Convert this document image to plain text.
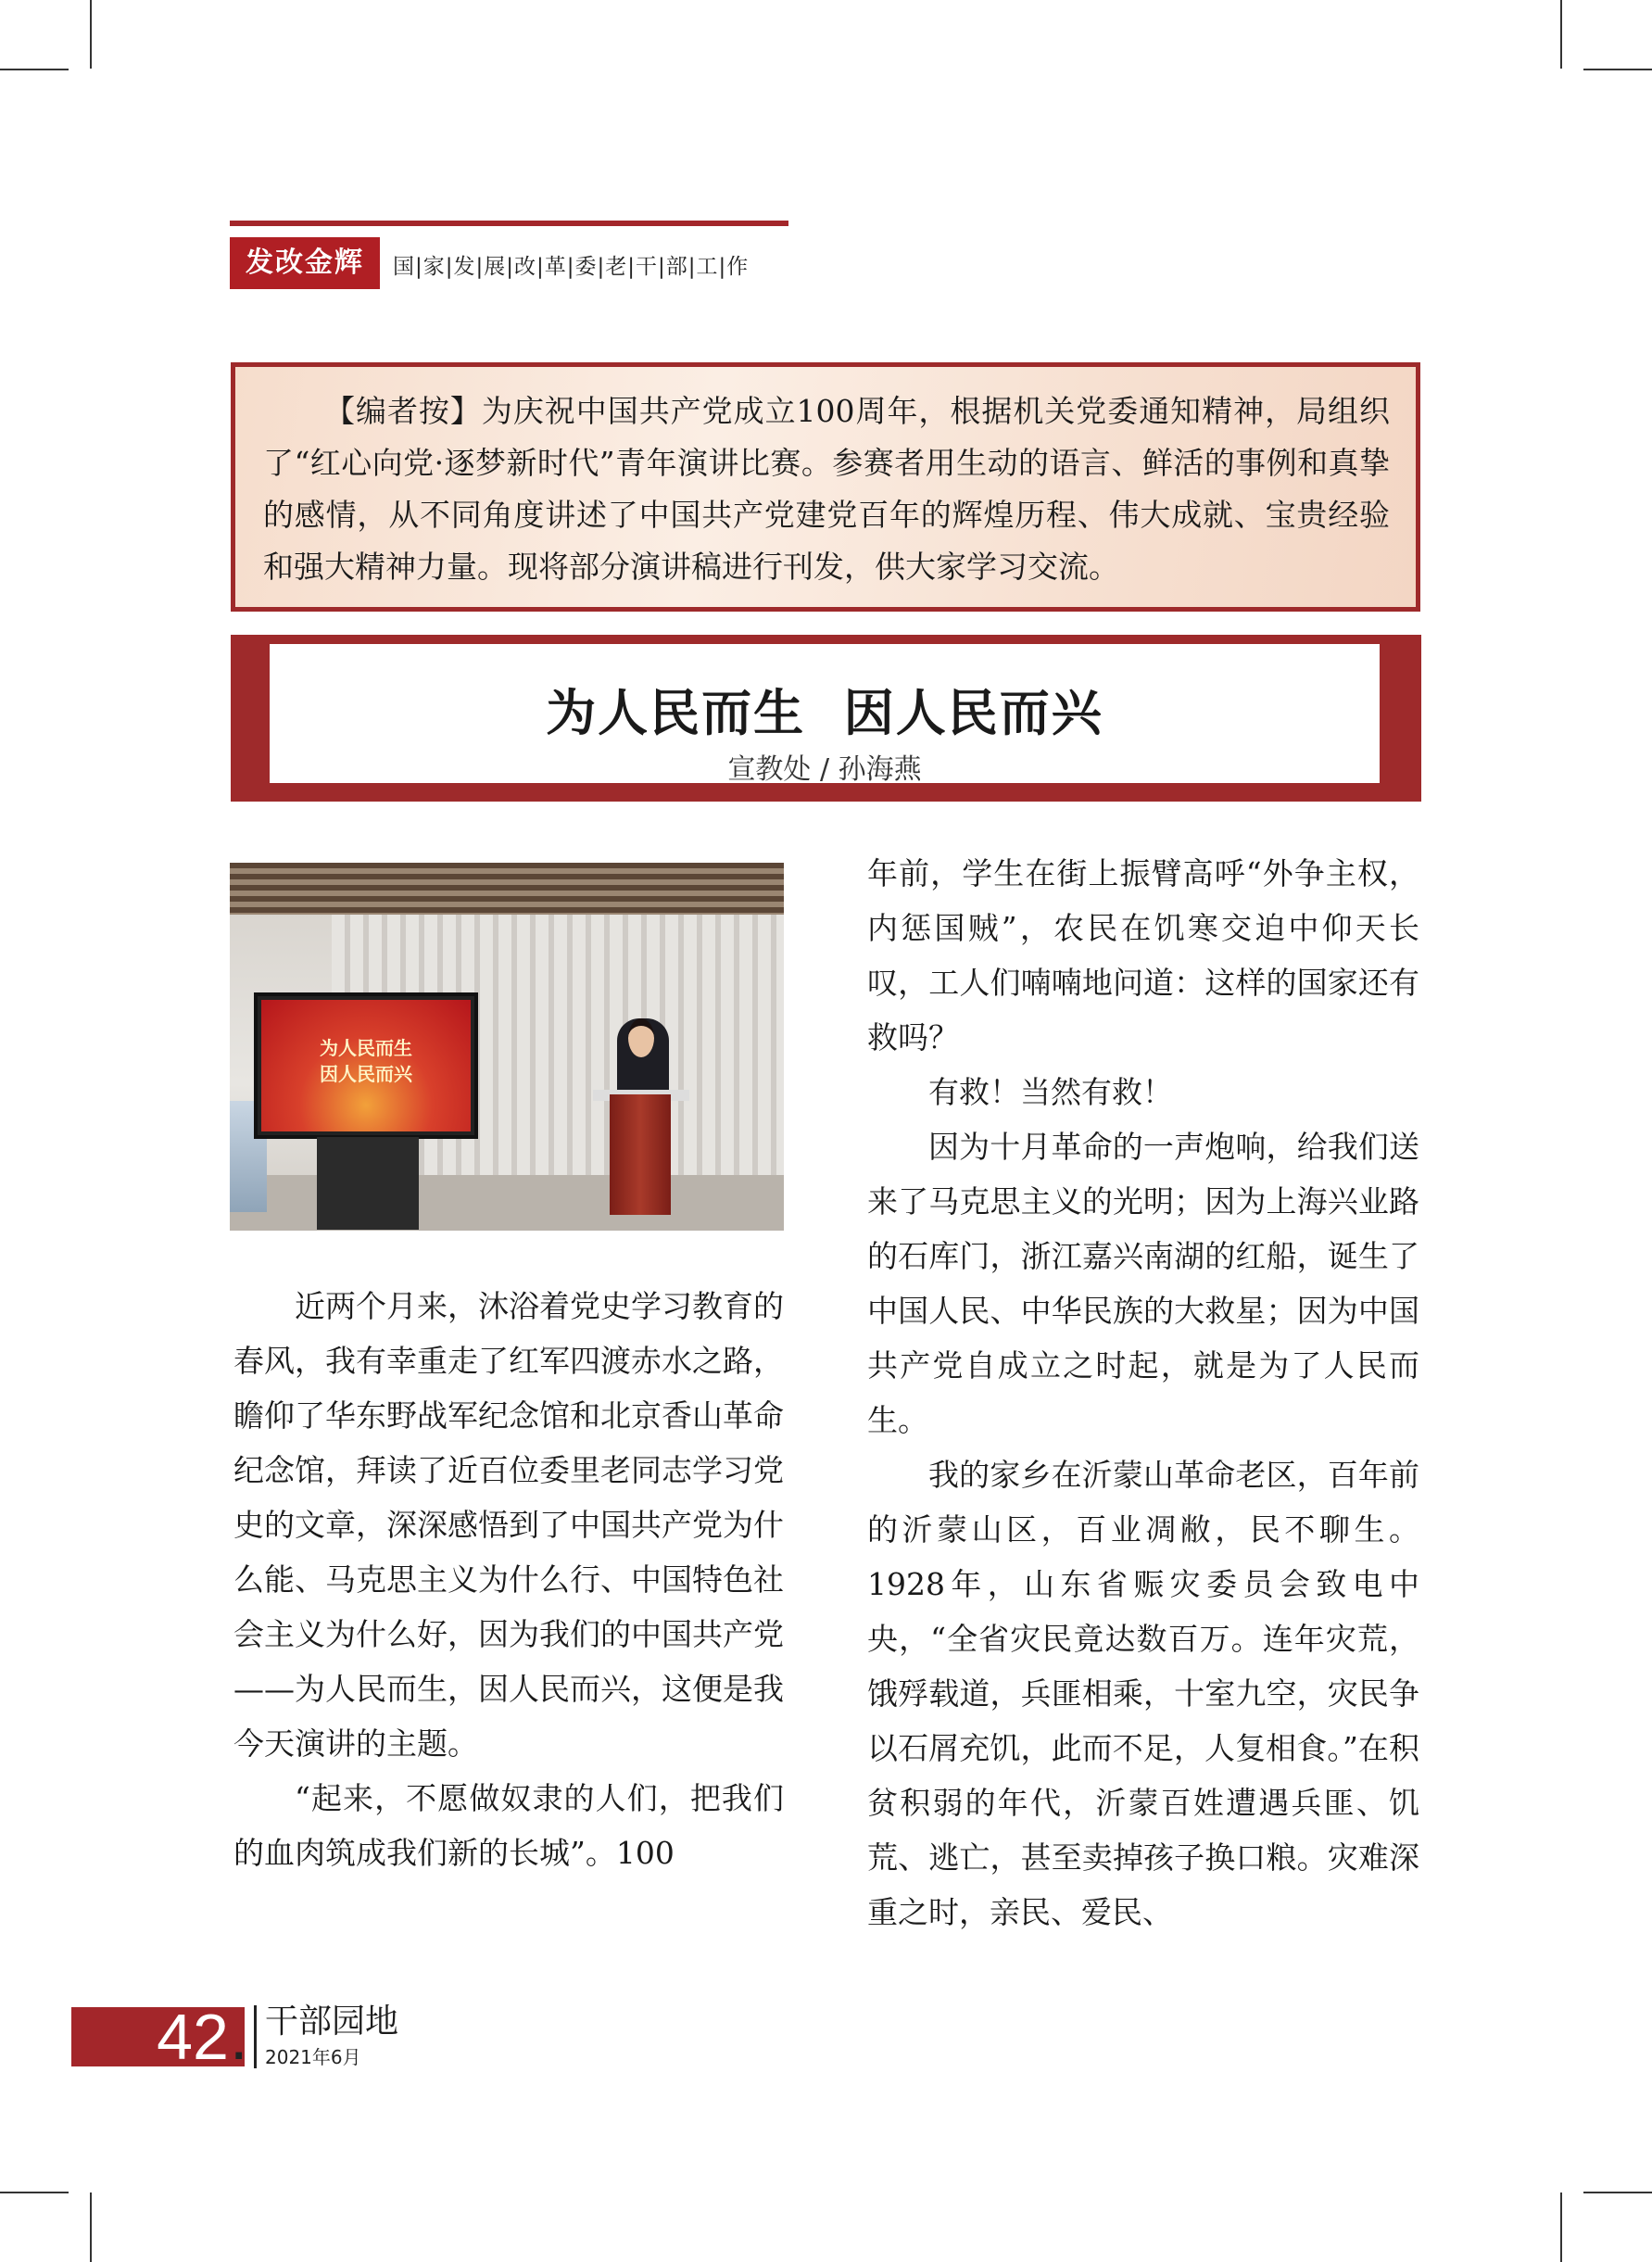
发改金辉	国|家|发|展|改|革|委|老|干|部|工|作

【编者按】为庆祝中国共产党成立100周年，根据机关党委通知精神，局组织了“红心向党·逐梦新时代”青年演讲比赛。参赛者用生动的语言、鲜活的事例和真挚的感情，从不同角度讲述了中国共产党建党百年的辉煌历程、伟大成就、宝贵经验和强大精神力量。现将部分演讲稿进行刊发，供大家学习交流。

为人民而生  因人民而兴
宣教处 / 孙海燕
为人民而生
因人民而兴

近两个月来，沐浴着党史学习教育的春风，我有幸重走了红军四渡赤水之路，瞻仰了华东野战军纪念馆和北京香山革命纪念馆，拜读了近百位委里老同志学习党史的文章，深深感悟到了中国共产党为什么能、马克思主义为什么行、中国特色社会主义为什么好，因为我们的中国共产党——为人民而生，因人民而兴，这便是我今天演讲的主题。

“起来，不愿做奴隶的人们，把我们的血肉筑成我们新的长城”。100

年前，学生在街上振臂高呼“外争主权，内惩国贼”，农民在饥寒交迫中仰天长叹，工人们喃喃地问道：这样的国家还有救吗？

有救！当然有救！

因为十月革命的一声炮响，给我们送来了马克思主义的光明；因为上海兴业路的石库门，浙江嘉兴南湖的红船，诞生了中国人民、中华民族的大救星；因为中国共产党自成立之时起，就是为了人民而生。

我的家乡在沂蒙山革命老区，百年前的沂蒙山区，百业凋敝，民不聊生。1928年，山东省赈灾委员会致电中央，“全省灾民竟达数百万。连年灾荒，饿殍载道，兵匪相乘，十室九空，灾民争以石屑充饥，此而不足，人复相食。”在积贫积弱的年代，沂蒙百姓遭遇兵匪、饥荒、逃亡，甚至卖掉孩子换口粮。灾难深重之时，亲民、爱民、

42 . 干部园地
2021年6月
